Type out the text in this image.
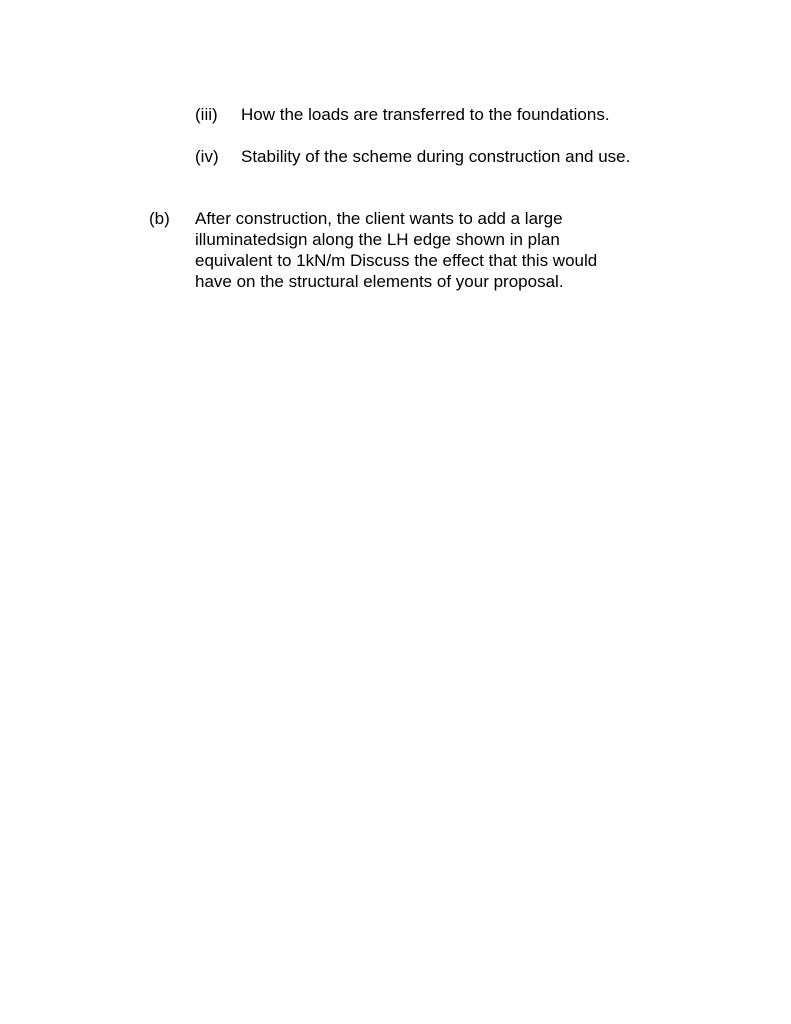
(iii) How the loads are transferred to the foundations.
(iv) Stability of the scheme during construction and use.
(b) After construction, the client wants to add a large
illuminatedsign along the LH edge shown in plan
equivalent to 1kN/m Discuss the effect that this would
have on the structural elements of your proposal.
